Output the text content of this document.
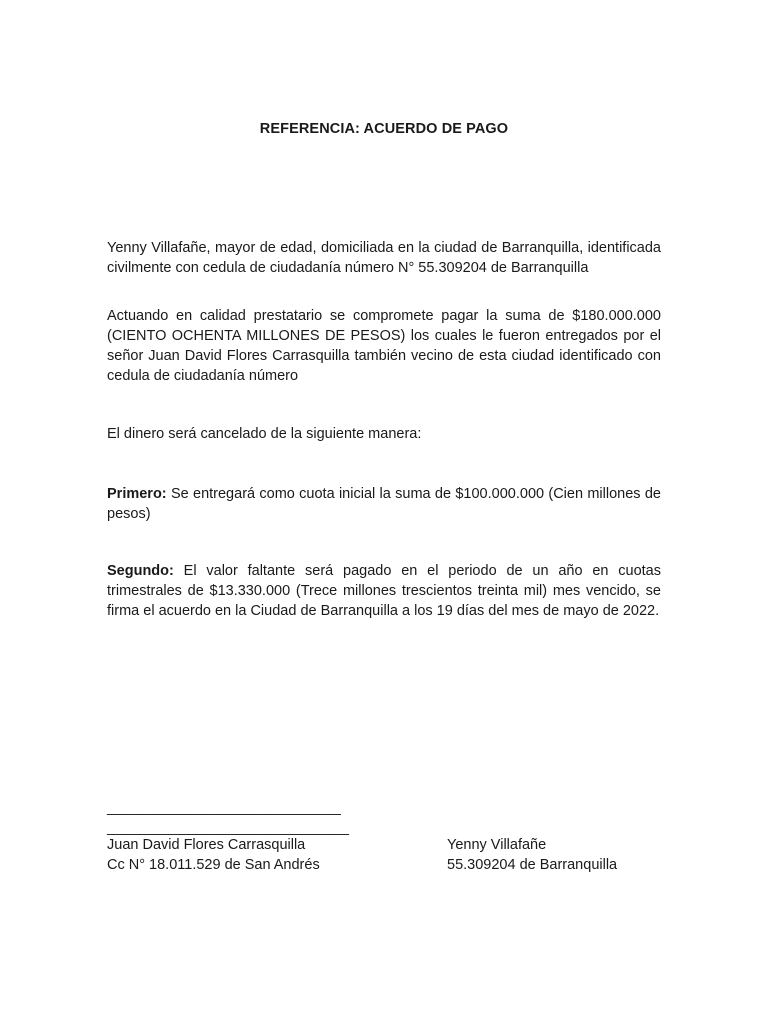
REFERENCIA: ACUERDO DE PAGO

Yenny Villafañe, mayor de edad, domiciliada en la ciudad de Barranquilla, identificada civilmente con cedula de ciudadanía número N° 55.309204 de Barranquilla

Actuando en calidad prestatario se compromete pagar la suma de $180.000.000 (CIENTO OCHENTA MILLONES DE PESOS) los cuales le fueron entregados por el señor Juan David Flores Carrasquilla también vecino de esta ciudad identificado con cedula de ciudadanía número

El dinero será cancelado de la siguiente manera:

Primero: Se entregará como cuota inicial la suma de $100.000.000 (Cien millones de pesos)

Segundo: El valor faltante será pagado en el periodo de un año en cuotas trimestrales de $13.330.000 (Trece millones trescientos treinta mil) mes vencido, se firma el acuerdo en la Ciudad de Barranquilla a los 19 días del mes de mayo de 2022.

_____________________________
______________________________
Juan David Flores Carrasquilla
Cc N° 18.011.529 de San Andrés
Yenny Villafañe
55.309204 de Barranquilla
